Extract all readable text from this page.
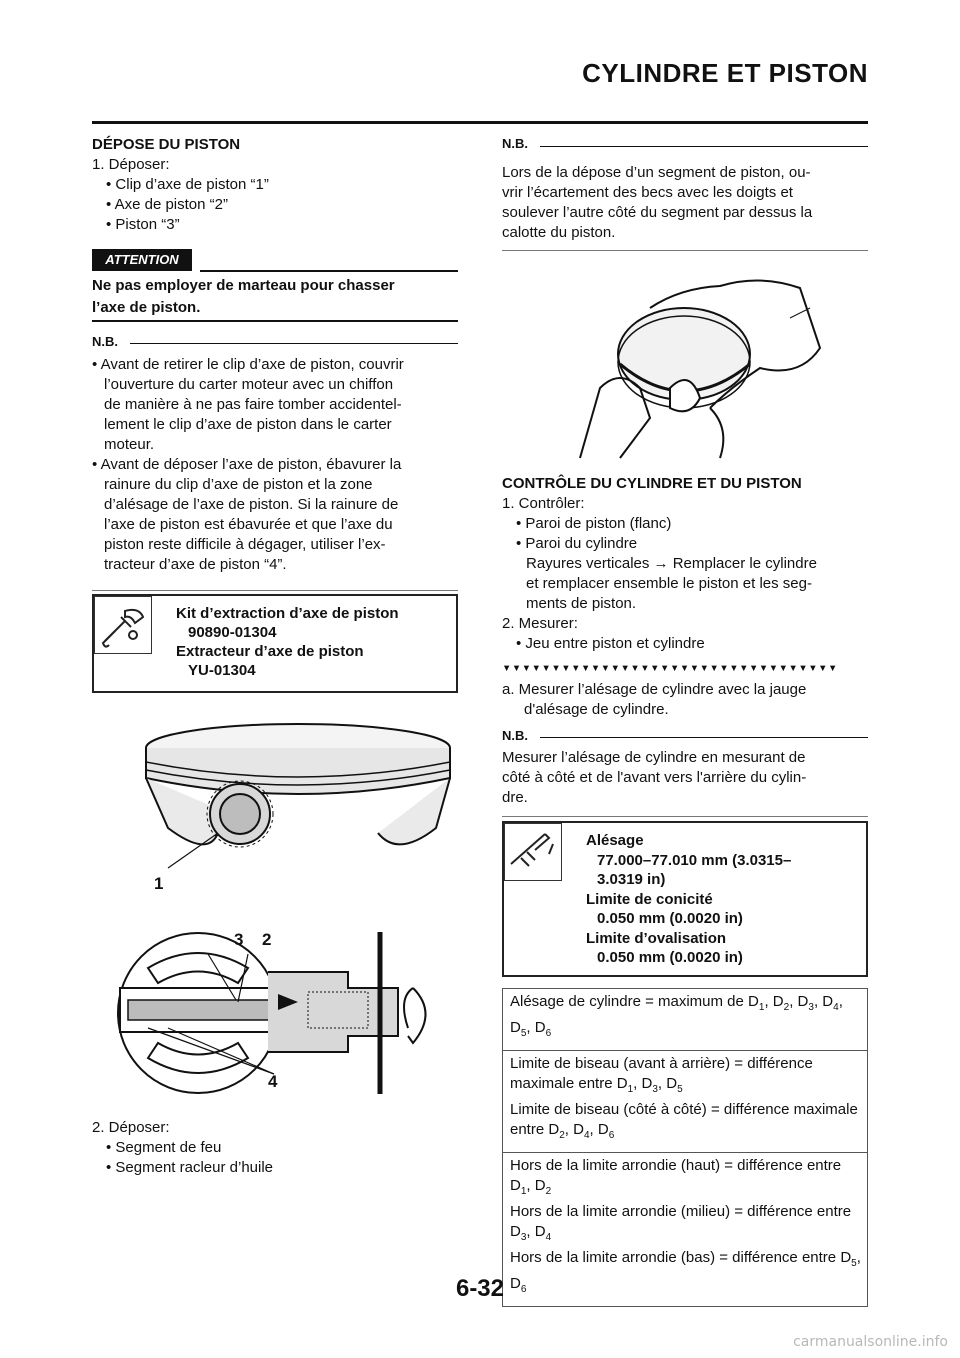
CYLINDRE ET PISTON
DÉPOSE DU PISTON
1. Déposer:
• Clip d’axe de piston “1”
• Axe de piston “2”
• Piston “3”
ATTENTION
Ne pas employer de marteau pour chasser
l’axe de piston.
N.B.
• Avant de retirer le clip d’axe de piston, couvrir
l’ouverture du carter moteur avec un chiffon
de manière à ne pas faire tomber accidentel-
lement le clip d’axe de piston dans le carter
moteur.
• Avant de déposer l’axe de piston, ébavurer la
rainure du clip d’axe de piston et la zone
d’alésage de l’axe de piston. Si la rainure de
l’axe de piston est ébavurée et que l’axe du
piston reste difficile à dégager, utiliser l’ex-
tracteur d’axe de piston “4”.
Kit d’extraction d’axe de piston
90890-01304
Extracteur d’axe de piston
YU-01304
1
3 2
4
2. Déposer:
• Segment de feu
• Segment racleur d’huile
N.B.
Lors de la dépose d’un segment de piston, ou-
vrir l’écartement des becs avec les doigts et
soulever l’autre côté du segment par dessus la
calotte du piston.
CONTRÔLE DU CYLINDRE ET DU PISTON
1. Contrôler:
• Paroi de piston (flanc)
• Paroi du cylindre
Rayures verticales → Remplacer le cylindre
et remplacer ensemble le piston et les seg-
ments de piston.
2. Mesurer:
• Jeu entre piston et cylindre
▼▼▼▼▼▼▼▼▼▼▼▼▼▼▼▼▼▼▼▼▼▼▼▼▼▼▼▼▼▼▼▼▼▼
a. Mesurer l’alésage de cylindre avec la jauge
d'alésage de cylindre.
N.B.
Mesurer l’alésage de cylindre en mesurant de
côté à côté et de l'avant vers l'arrière du cylin-
dre.
Alésage
77.000–77.010 mm (3.0315–
3.0319 in)
Limite de conicité
0.050 mm (0.0020 in)
Limite d’ovalisation
0.050 mm (0.0020 in)
Alésage de cylindre = maximum de $D_1$, $D_2$, $D_3$, $D_4$, $D_5$, $D_6$
Limite de biseau (avant à arrière) = différence maximale entre $D_1$, $D_3$, $D_5$
Limite de biseau (côté à côté) = différence maximale entre $D_2$, $D_4$, $D_6$
Hors de la limite arrondie (haut) = différence entre $D_1$, $D_2$
Hors de la limite arrondie (milieu) = différence entre $D_3$, $D_4$
Hors de la limite arrondie (bas) = différence entre $D_5$, $D_6$
6-32
carmanualsonline.info
